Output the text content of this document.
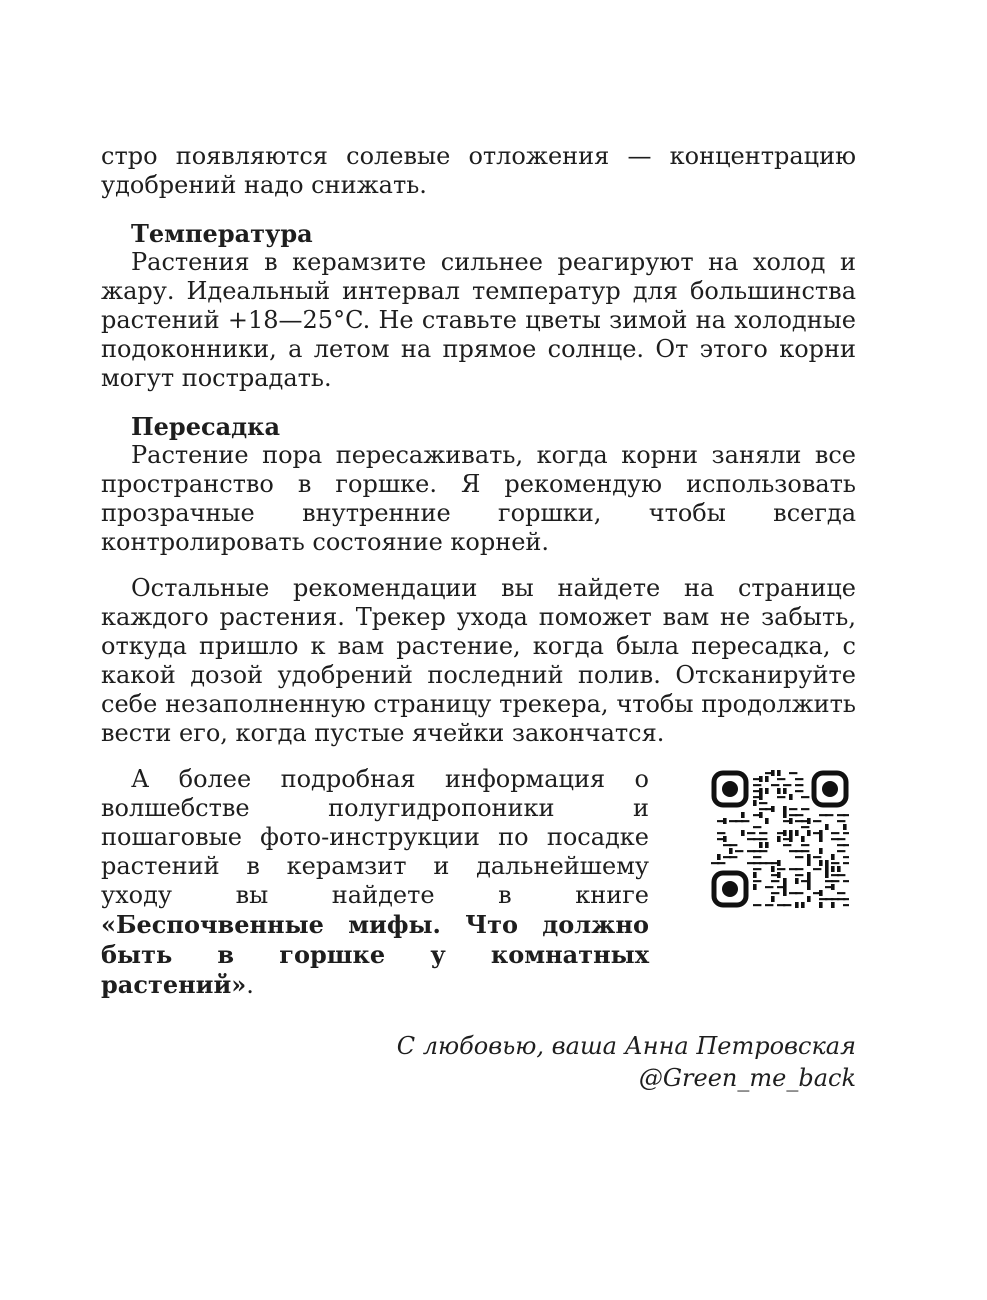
стро появляются солевые отложения — концентрацию удобрений надо снижать.

Температура

Растения в керамзите сильнее реагируют на холод и жару. Идеальный интервал температур для большинства растений +18—25°C. Не ставьте цветы зимой на холодные подоконники, а летом на прямое солнце. От этого корни могут пострадать.

Пересадка

Растение пора пересаживать, когда корни заняли все пространство в горшке. Я рекомендую использовать прозрачные внутренние горшки, чтобы всегда контролировать состояние корней.

Остальные рекомендации вы найдете на странице каждого растения. Трекер ухода поможет вам не забыть, откуда пришло к вам растение, когда была пересадка, с какой дозой удобрений последний полив. Отсканируйте себе незаполненную страницу трекера, чтобы продолжить вести его, когда пустые ячейки закончатся.

А более подробная информация о волшебстве полугидропоники и пошаговые фото-инструкции по посадке растений в керамзит и дальнейшему уходу вы найдете в книге «Беспочвенные мифы. Что должно быть в горшке у комнатных растений».

С любовью, ваша Анна Петровская
@Green_me_back
